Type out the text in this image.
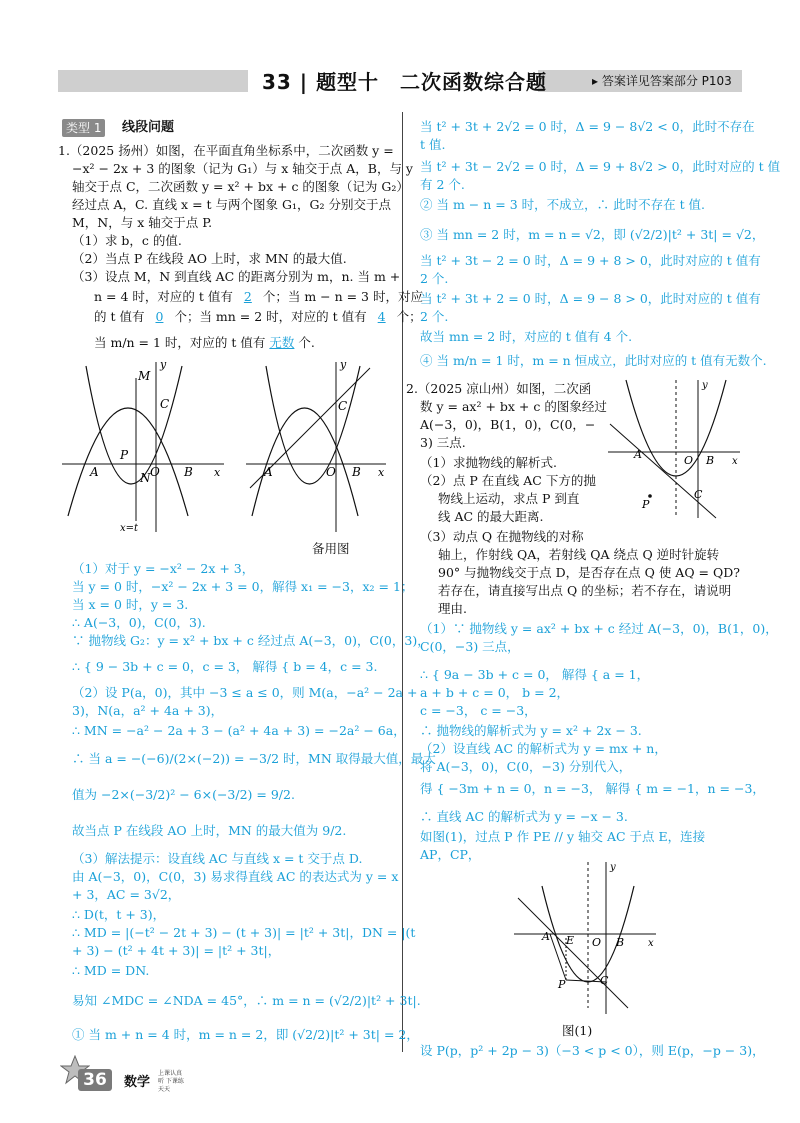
33 | 题型十　二次函数综合题	▸ 答案详见答案部分 P103
类型 1	线段问题
1.（2025 扬州）如图，在平面直角坐标系中，二次函数 y =
−x² − 2x + 3 的图象（记为 G₁）与 x 轴交于点 A，B，与 y
轴交于点 C，二次函数 y = x² + bx + c 的图象（记为 G₂）
经过点 A，C. 直线 x = t 与两个图象 G₁，G₂ 分别交于点
M，N，与 x 轴交于点 P.
（1）求 b，c 的值.
（2）当点 P 在线段 AO 上时，求 MN 的最大值.
（3）设点 M，N 到直线 AC 的距离分别为 m，n. 当 m +
n = 4 时，对应的 t 值有 2 个；当 m − n = 3 时，对应
的 t 值有 0 个；当 mn = 2 时，对应的 t 值有 4 个；
当 m/n = 1 时，对应的 t 值有 无数 个.
M
C
P
A	O B
N	x
y
x=t
C
A	O B x
y
备用图
（1）对于 y = −x² − 2x + 3，
当 y = 0 时，−x² − 2x + 3 = 0，解得 x₁ = −3，x₂ = 1；
当 x = 0 时，y = 3.
∴ A(−3，0)，C(0，3).
∵ 抛物线 G₂：y = x² + bx + c 经过点 A(−3，0)，C(0，3)，
∴ { 9 − 3b + c = 0，c = 3， 解得 { b = 4，c = 3.
（2）设 P(a，0)，其中 −3 ≤ a ≤ 0，则 M(a，−a² − 2a +
3)，N(a，a² + 4a + 3)，
∴ MN = −a² − 2a + 3 − (a² + 4a + 3) = −2a² − 6a，
∴ 当 a = −(−6)/(2×(−2)) = −3/2 时，MN 取得最大值，最大
值为 −2×(−3/2)² − 6×(−3/2) = 9/2.
故当点 P 在线段 AO 上时，MN 的最大值为 9/2.
（3）解法提示：设直线 AC 与直线 x = t 交于点 D.
由 A(−3，0)，C(0，3) 易求得直线 AC 的表达式为 y = x
+ 3，AC = 3√2，
∴ D(t，t + 3)，
∴ MD = |(−t² − 2t + 3) − (t + 3)| = |t² + 3t|，DN = |(t
+ 3) − (t² + 4t + 3)| = |t² + 3t|，
∴ MD = DN.
易知 ∠MDC = ∠NDA = 45°，∴ m = n = (√2/2)|t² + 3t|.
① 当 m + n = 4 时，m = n = 2，即 (√2/2)|t² + 3t| = 2，
当 t² + 3t + 2√2 = 0 时，Δ = 9 − 8√2 < 0，此时不存在
t 值.
当 t² + 3t − 2√2 = 0 时，Δ = 9 + 8√2 > 0，此时对应的 t 值
有 2 个.
② 当 m − n = 3 时，不成立，∴ 此时不存在 t 值.
③ 当 mn = 2 时，m = n = √2，即 (√2/2)|t² + 3t| = √2，
当 t² + 3t − 2 = 0 时，Δ = 9 + 8 > 0，此时对应的 t 值有
2 个.
当 t² + 3t + 2 = 0 时，Δ = 9 − 8 > 0，此时对应的 t 值有
2 个.
故当 mn = 2 时，对应的 t 值有 4 个.
④ 当 m/n = 1 时，m = n 恒成立，此时对应的 t 值有无数个.
2.（2025 凉山州）如图，二次函
数 y = ax² + bx + c 的图象经过
A(−3，0)，B(1，0)，C(0，−
3) 三点.
（1）求抛物线的解析式.
（2）点 P 在直线 AC 下方的抛
物线上运动，求点 P 到直
线 AC 的最大距离.
（3）动点 Q 在抛物线的对称
轴上，作射线 QA，若射线 QA 绕点 Q 逆时针旋转
90° 与抛物线交于点 D，是否存在点 Q 使 AQ = QD?
若存在，请直接写出点 Q 的坐标；若不存在，请说明
理由.
A	O B
C
P
x
y
（1）∵ 抛物线 y = ax² + bx + c 经过 A(−3，0)，B(1，0)，
C(0，−3) 三点，
∴ { 9a − 3b + c = 0， 解得 { a = 1，
a + b + c = 0， b = 2，
c = −3， c = −3，
∴ 抛物线的解析式为 y = x² + 2x − 3.
（2）设直线 AC 的解析式为 y = mx + n，
将 A(−3，0)，C(0，−3) 分别代入，
得 { −3m + n = 0，n = −3， 解得 { m = −1，n = −3，
∴ 直线 AC 的解析式为 y = −x − 3.
如图(1)，过点 P 作 PE // y 轴交 AC 于点 E，连接
AP，CP，
A E O B
C
P
x
y
图(1)
设 P(p，p² + 2p − 3)（−3 < p < 0），则 E(p，−p − 3)，
36	数学
上课认真听 下课练天天
